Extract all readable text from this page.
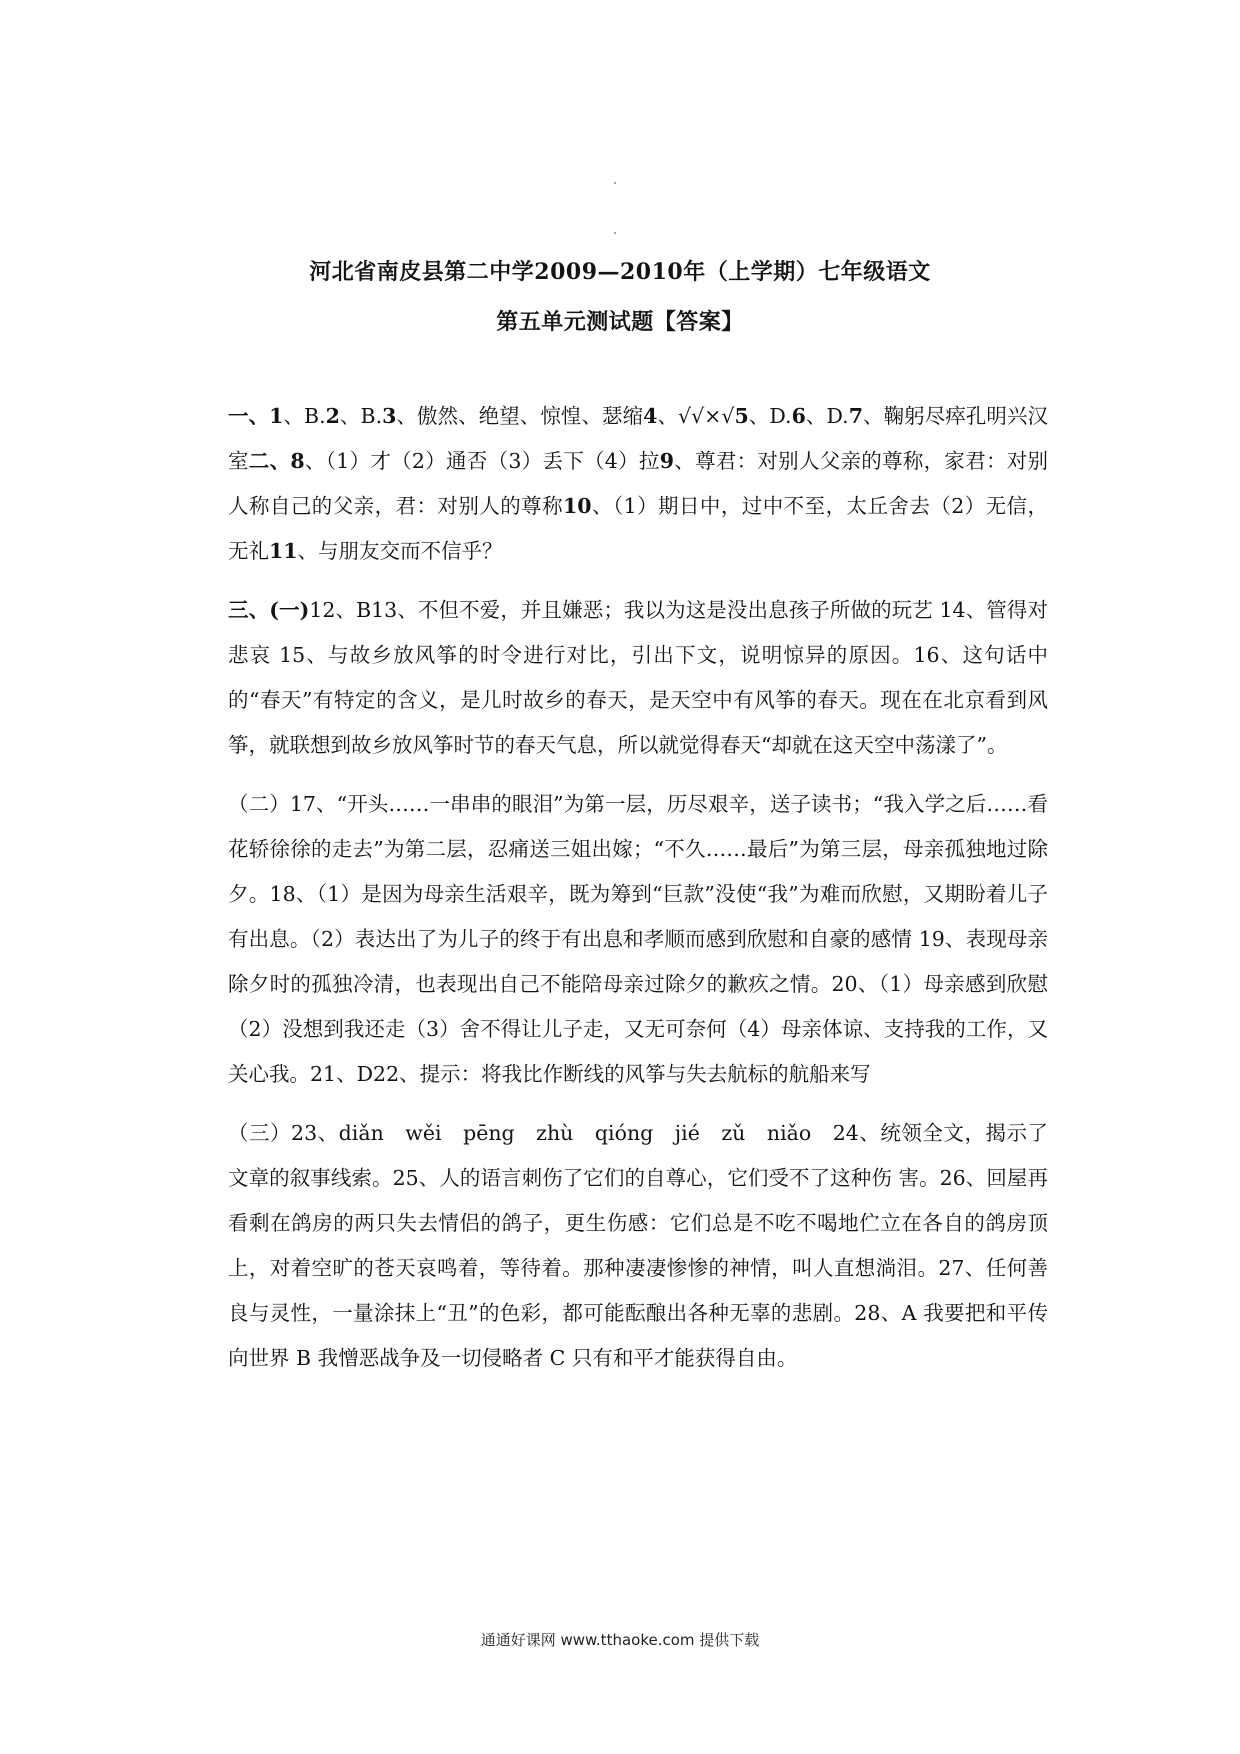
河北省南皮县第二中学2009—2010年（上学期）七年级语文
第五单元测试题【答案】

一、1、B.2、B.3、傲然、绝望、惊惶、瑟缩4、√√×√5、D.6、D.7、鞠躬尽瘁孔明兴汉室二、8、（1）才（2）通否（3）丢下（4）拉9、尊君：对别人父亲的尊称，家君：对别人称自己的父亲，君：对别人的尊称10、（1）期日中，过中不至，太丘舍去（2）无信，无礼11、与朋友交而不信乎？

三、(一)12、B13、不但不爱，并且嫌恶；我以为这是没出息孩子所做的玩艺 14、管得对　悲哀 15、与故乡放风筝的时令进行对比，引出下文，说明惊异的原因。16、这句话中的“春天”有特定的含义，是儿时故乡的春天，是天空中有风筝的春天。现在在北京看到风筝，就联想到故乡放风筝时节的春天气息，所以就觉得春天“却就在这天空中荡漾了”。

（二）17、“开头……一串串的眼泪”为第一层，历尽艰辛，送子读书；“我入学之后……看花轿徐徐的走去”为第二层，忍痛送三姐出嫁；“不久……最后”为第三层，母亲孤独地过除夕。18、（1）是因为母亲生活艰辛，既为筹到“巨款”没使“我”为难而欣慰，又期盼着儿子有出息。（2）表达出了为儿子的终于有出息和孝顺而感到欣慰和自豪的感情 19、表现母亲除夕时的孤独冷清，也表现出自己不能陪母亲过除夕的歉疚之情。20、（1）母亲感到欣慰（2）没想到我还走（3）舍不得让儿子走，又无可奈何（4）母亲体谅、支持我的工作，又关心我。21、D22、提示：将我比作断线的风筝与失去航标的航船来写

（三）23、diǎn　wěi　pēng　zhù　qióng　jié　zǔ　niǎo　24、统领全文，揭示了文章的叙事线索。25、人的语言刺伤了它们的自尊心，它们受不了这种伤 害。26、回屋再看剩在鸽房的两只失去情侣的鸽子，更生伤感：它们总是不吃不喝地伫立在各自的鸽房顶上，对着空旷的苍天哀鸣着，等待着。那种凄凄惨惨的神情，叫人直想淌泪。27、任何善良与灵性，一量涂抹上“丑”的色彩，都可能酝酿出各种无辜的悲剧。28、A 我要把和平传向世界 B 我憎恶战争及一切侵略者 C 只有和平才能获得自由。

通通好课网 www.tthaoke.com 提供下载
